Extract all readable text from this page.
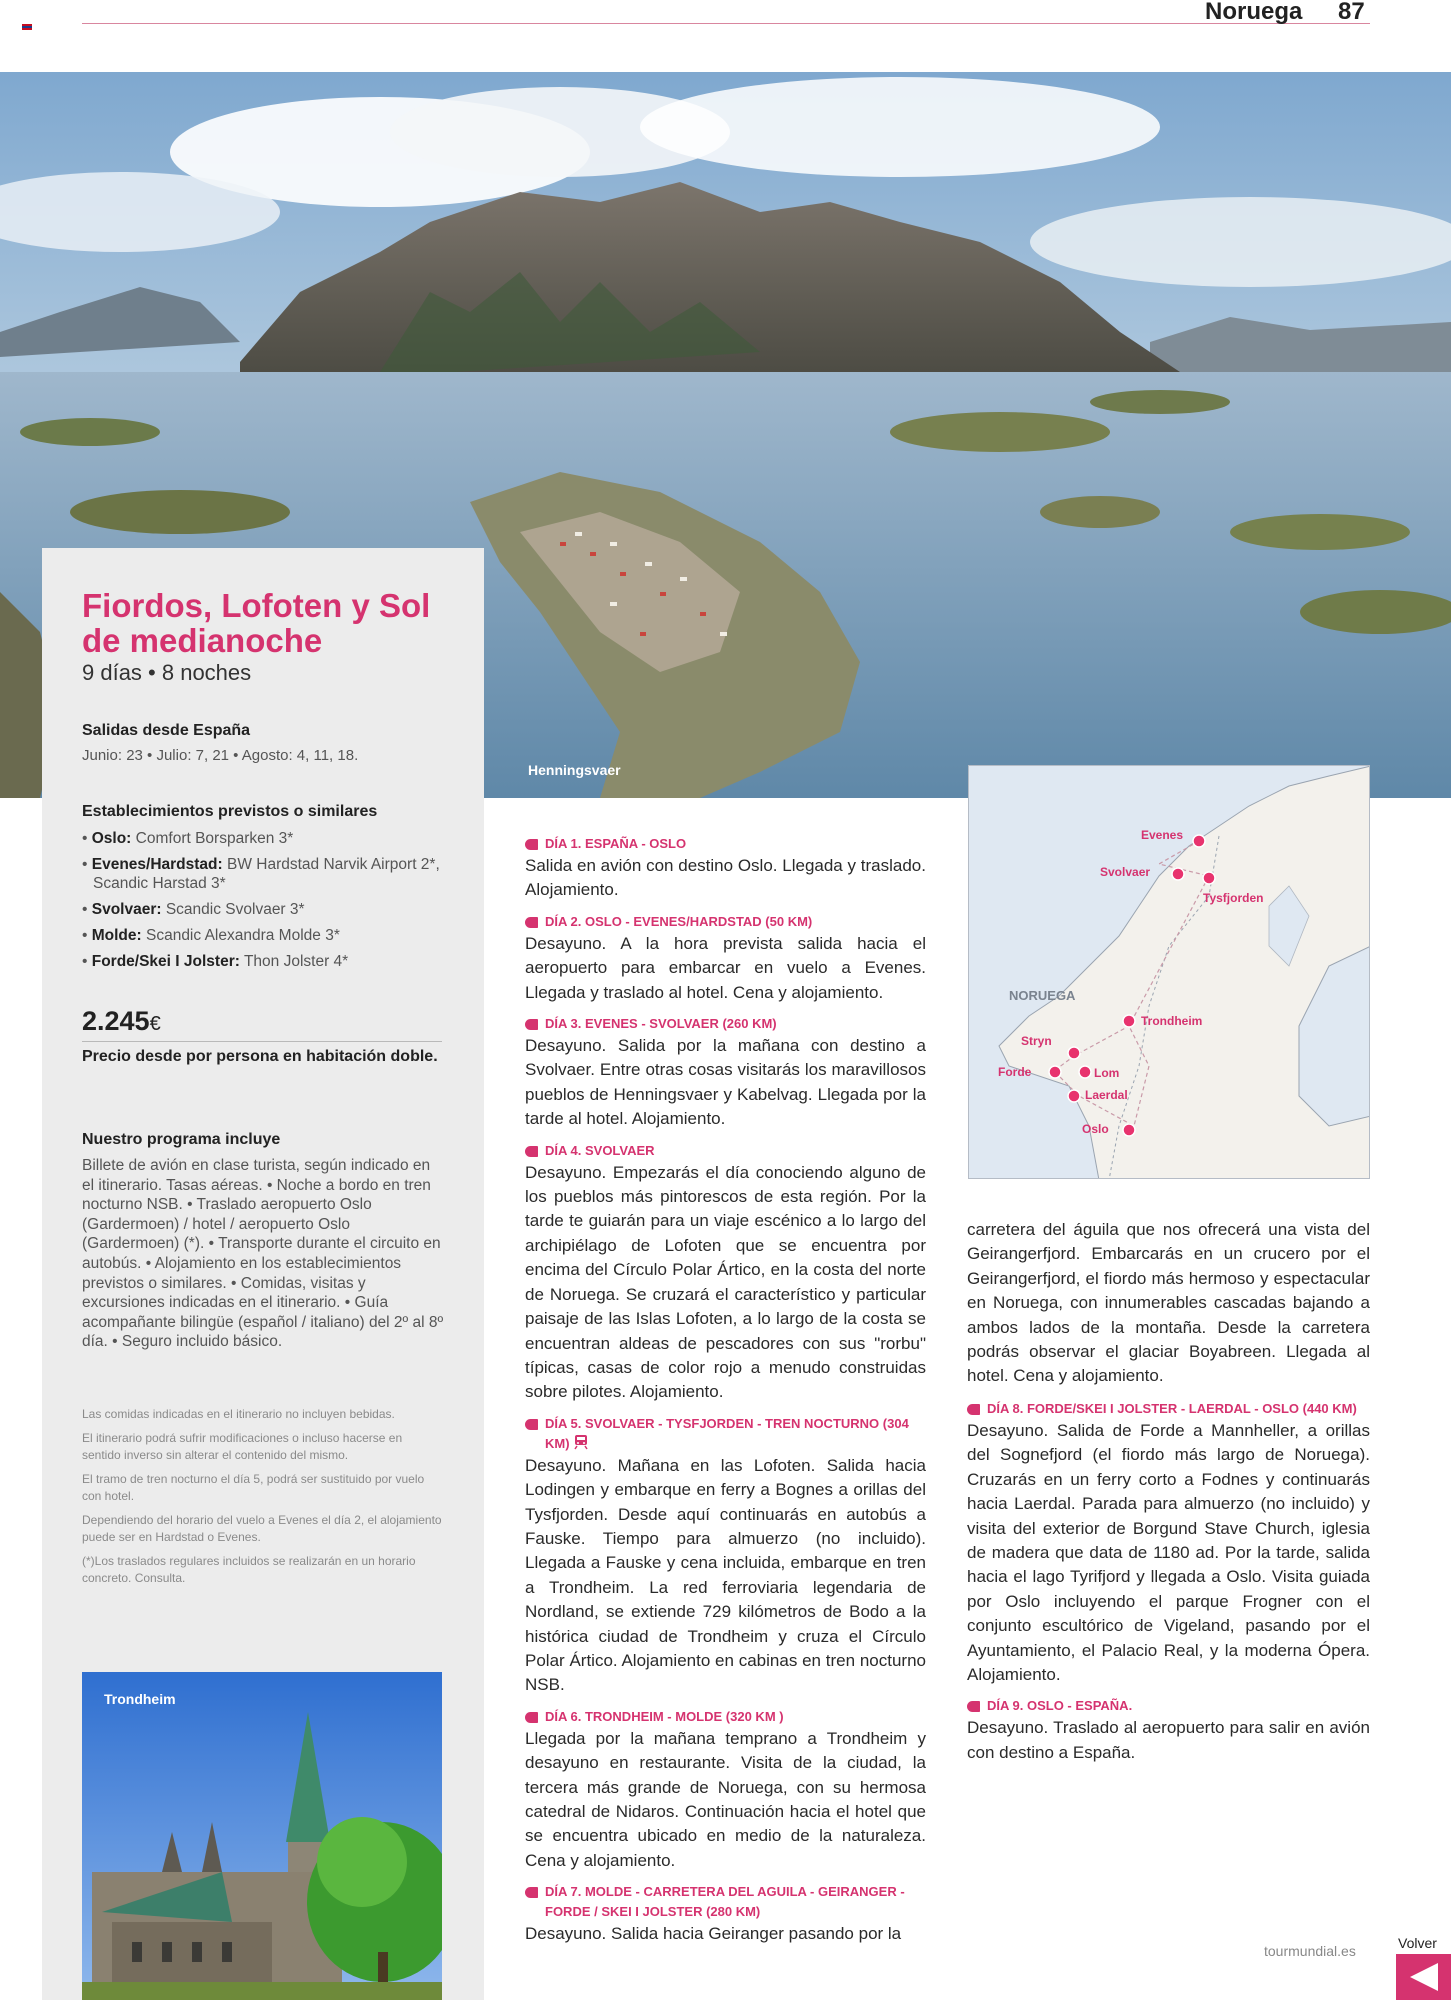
Noruega 87
Henningsvaer
Fiordos, Lofoten y Sol de medianoche
9 días • 8 noches
Salidas desde España
Junio: 23 • Julio: 7, 21 • Agosto: 4, 11, 18.
Establecimientos previstos o similares
• Oslo: Comfort Borsparken 3*
• Evenes/Hardstad: BW Hardstad Narvik Airport 2*, Scandic Harstad 3*
• Svolvaer: Scandic Svolvaer 3*
• Molde: Scandic Alexandra Molde 3*
• Forde/Skei I Jolster: Thon Jolster 4*
2.245€
Precio desde por persona en habitación doble.
Nuestro programa incluye
Billete de avión en clase turista, según indicado en el itinerario. Tasas aéreas. • Noche a bordo en tren nocturno NSB. • Traslado aeropuerto Oslo (Gardermoen) / hotel / aeropuerto Oslo (Gardermoen) (*). • Transporte durante el circuito en autobús. • Alojamiento en los establecimientos previstos o similares. • Comidas, visitas y excursiones indicadas en el itinerario. • Guía acompañante bilingüe (español / italiano) del 2º al 8º día. • Seguro incluido básico.

Las comidas indicadas en el itinerario no incluyen bebidas.

El itinerario podrá sufrir modificaciones o incluso hacerse en sentido inverso sin alterar el contenido del mismo.

El tramo de tren nocturno el día 5, podrá ser sustituido por vuelo con hotel.

Dependiendo del horario del vuelo a Evenes el día 2, el alojamiento puede ser en Hardstad o Evenes.

(*)Los traslados regulares incluidos se realizarán en un horario concreto. Consulta.

Trondheim
DÍA 1. ESPAÑA - OSLO
Salida en avión con destino Oslo. Llegada y traslado. Alojamiento.
DÍA 2. OSLO - EVENES/HARDSTAD (50 KM)
Desayuno. A la hora prevista salida hacia el aeropuerto para embarcar en vuelo a Evenes. Llegada y traslado al hotel. Cena y alojamiento.
DÍA 3. EVENES - SVOLVAER (260 KM)
Desayuno. Salida por la mañana con destino a Svolvaer. Entre otras cosas visitarás los maravillosos pueblos de Henningsvaer y Kabelvag. Llegada por la tarde al hotel. Alojamiento.
DÍA 4. SVOLVAER
Desayuno. Empezarás el día conociendo alguno de los pueblos más pintorescos de esta región. Por la tarde te guiarán para un viaje escénico a lo largo del archipiélago de Lofoten que se encuentra por encima del Círculo Polar Ártico, en la costa del norte de Noruega. Se cruzará el característico y particular paisaje de las Islas Lofoten, a lo largo de la costa se encuentran aldeas de pescadores con sus "rorbu" típicas, casas de color rojo a menudo construidas sobre pilotes. Alojamiento.
DÍA 5. SVOLVAER - TYSFJORDEN - TREN NOCTURNO (304 KM)
Desayuno. Mañana en las Lofoten. Salida hacia Lodingen y embarque en ferry a Bognes a orillas del Tysfjorden. Desde aquí continuarás en autobús a Fauske. Tiempo para almuerzo (no incluido). Llegada a Fauske y cena incluida, embarque en tren a Trondheim. La red ferroviaria legendaria de Nordland, se extiende 729 kilómetros de Bodo a la histórica ciudad de Trondheim y cruza el Círculo Polar Ártico. Alojamiento en cabinas en tren nocturno NSB.
DÍA 6. TRONDHEIM - MOLDE (320 KM )
Llegada por la mañana temprano a Trondheim y desayuno en restaurante. Visita de la ciudad, la tercera más grande de Noruega, con su hermosa catedral de Nidaros. Continuación hacia el hotel que se encuentra ubicado en medio de la naturaleza. Cena y alojamiento.
DÍA 7. MOLDE - CARRETERA DEL AGUILA - GEIRANGER - FORDE / SKEI I JOLSTER (280 KM)
Desayuno. Salida hacia Geiranger pasando por la
Evenes
Svolvaer
Tysfjorden
Trondheim
Stryn
Forde	Lom
Laerdal
Oslo
NORUEGA
carretera del águila que nos ofrecerá una vista del Geirangerfjord. Embarcarás en un crucero por el Geirangerfjord, el fiordo más hermoso y espectacular en Noruega, con innumerables cascadas bajando a ambos lados de la montaña. Desde la carretera podrás observar el glaciar Boyabreen. Llegada al hotel. Cena y alojamiento.
DÍA 8. FORDE/SKEI I JOLSTER - LAERDAL - OSLO (440 KM)
Desayuno. Salida de Forde a Mannheller, a orillas del Sognefjord (el fiordo más largo de Noruega). Cruzarás en un ferry corto a Fodnes y continuarás hacia Laerdal. Parada para almuerzo (no incluido) y visita del exterior de Borgund Stave Church, iglesia de madera que data de 1180 ad. Por la tarde, salida hacia el lago Tyrifjord y llegada a Oslo. Visita guiada por Oslo incluyendo el parque Frogner con el conjunto escultórico de Vigeland, pasando por el Ayuntamiento, el Palacio Real, y la moderna Ópera. Alojamiento.
DÍA 9. OSLO - ESPAÑA.
Desayuno. Traslado al aeropuerto para salir en avión con destino a España.
tourmundial.es	Volver
